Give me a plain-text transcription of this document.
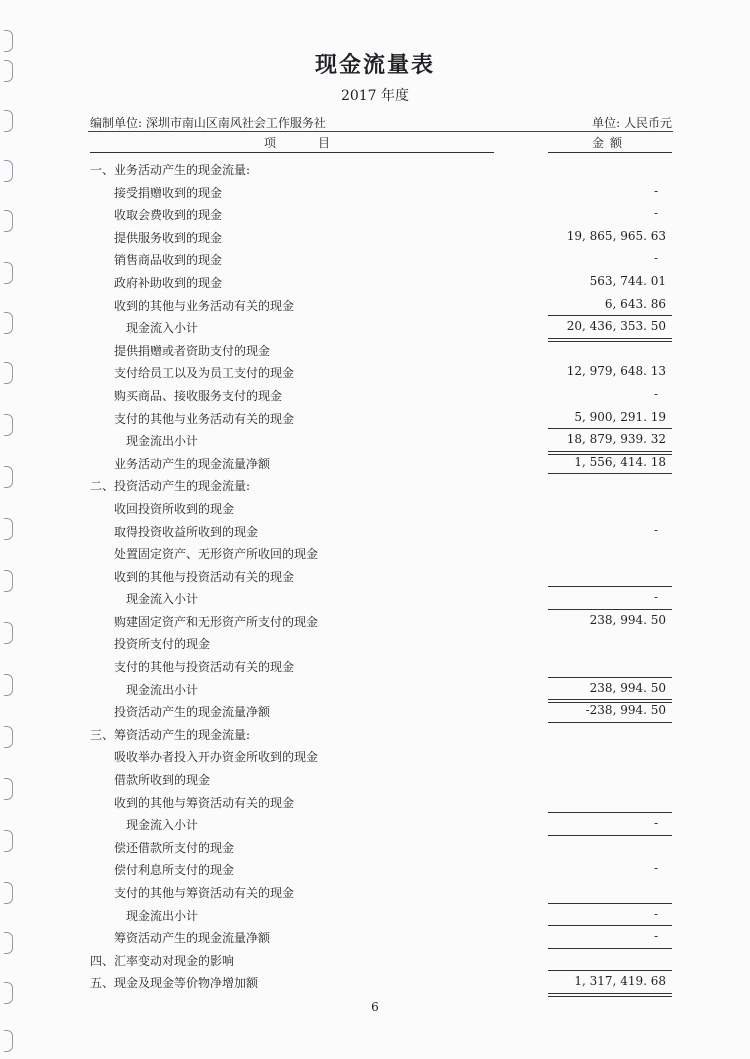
现金流量表
2017 年度
编制单位: 深圳市南山区南风社会工作服务社	单位: 人民币元
项	目	金额
一、业务活动产生的现金流量:
接受捐赠收到的现金	-
收取会费收到的现金	-
提供服务收到的现金	19, 865, 965. 63
销售商品收到的现金	-
政府补助收到的现金	563, 744. 01
收到的其他与业务活动有关的现金	6, 643. 86
现金流入小计	20, 436, 353. 50
提供捐赠或者资助支付的现金
支付给员工以及为员工支付的现金	12, 979, 648. 13
购买商品、接收服务支付的现金	-
支付的其他与业务活动有关的现金	5, 900, 291. 19
现金流出小计	18, 879, 939. 32
业务活动产生的现金流量净额	1, 556, 414. 18
二、投资活动产生的现金流量:
收回投资所收到的现金
取得投资收益所收到的现金	-
处置固定资产、无形资产所收回的现金
收到的其他与投资活动有关的现金
现金流入小计	-
购建固定资产和无形资产所支付的现金	238, 994. 50
投资所支付的现金
支付的其他与投资活动有关的现金
现金流出小计	238, 994. 50
投资活动产生的现金流量净额	-238, 994. 50
三、筹资活动产生的现金流量:
吸收举办者投入开办资金所收到的现金
借款所收到的现金
收到的其他与筹资活动有关的现金
现金流入小计	-
偿还借款所支付的现金
偿付利息所支付的现金	-
支付的其他与筹资活动有关的现金
现金流出小计	-
筹资活动产生的现金流量净额	-
四、汇率变动对现金的影响
五、现金及现金等价物净增加额	1, 317, 419. 68
6
